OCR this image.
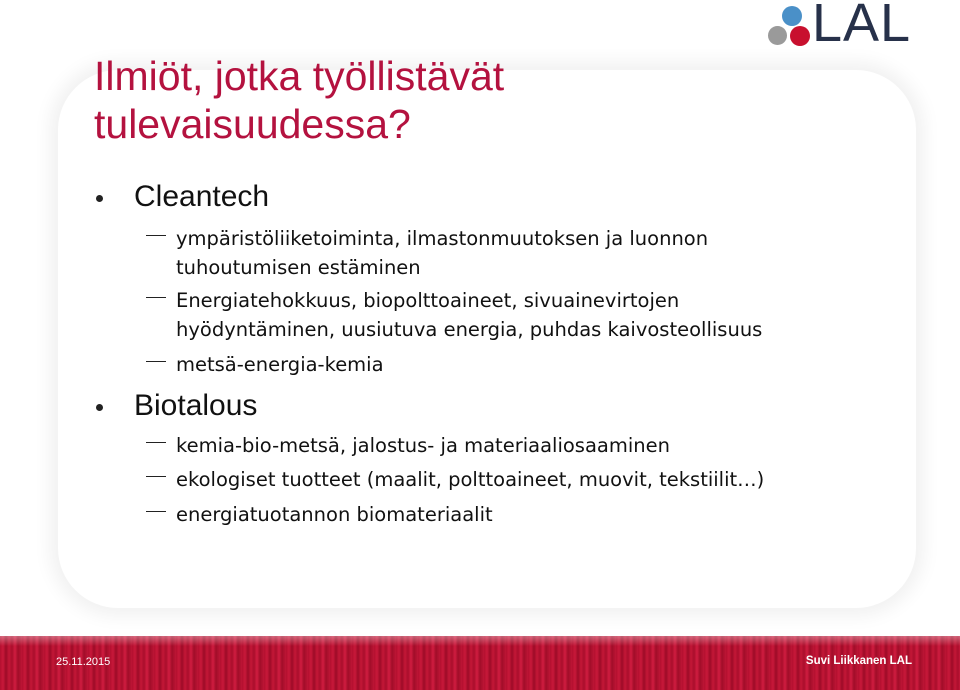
LAL
Ilmiöt, jotka työllistävät
tulevaisuudessa?
Cleantech
ympäristöliiketoiminta, ilmastonmuutoksen ja luonnon
tuhoutumisen estäminen
Energiatehokkuus, biopolttoaineet, sivuainevirtojen
hyödyntäminen, uusiutuva energia, puhdas kaivosteollisuus
metsä-energia-kemia
Biotalous
kemia-bio-metsä, jalostus- ja materiaaliosaaminen
ekologiset tuotteet (maalit, polttoaineet, muovit, tekstiilit…)
energiatuotannon biomateriaalit
25.11.2015	Suvi Liikkanen LAL
